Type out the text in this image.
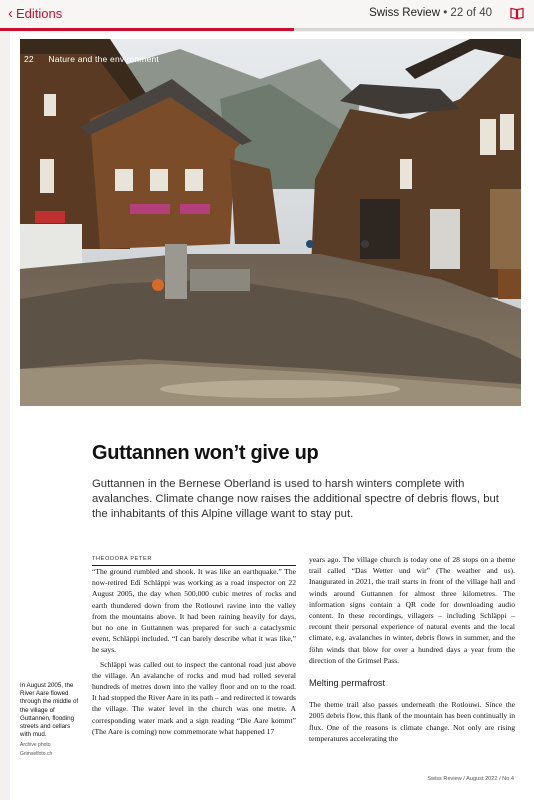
‹ Editions	Swiss Review • 22 of 40
22 Nature and the environment
Guttannen won’t give up
Guttannen in the Bernese Oberland is used to harsh winters complete with avalanches. Climate change now raises the additional spectre of debris flows, but the inhabitants of this Alpine village want to stay put.
In August 2005, the River Aare flowed through the middle of the village of Guttannen, flooding streets and cellars with mud.
Archive photo Grimselfoto.ch
THEODORA PETER

“The ground rumbled and shook. It was like an earthquake.” The now-retired Edi Schläppi was working as a road inspector on 22 August 2005, the day when 500,000 cubic metres of rocks and earth thundered down from the Rotlouwi ravine into the valley from the mountains above. It had been raining heavily for days, but no one in Guttannen was prepared for such a cataclysmic event, Schläppi included. “I can barely describe what it was like,” he says.

Schläppi was called out to inspect the cantonal road just above the village. An avalanche of rocks and mud had rolled several hundreds of metres down into the valley floor and on to the road. It had stopped the River Aare in its path – and redirected it towards the village. The water level in the church was one metre. A corresponding water mark and a sign reading “Die Aare kommt” (The Aare is coming) now commemorate what happened 17

years ago. The village church is today one of 28 stops on a theme trail called “Das Wetter und wir” (The weather and us). Inaugurated in 2021, the trail starts in front of the village hall and winds around Guttannen for almost three kilometres. The information signs contain a QR code for downloading audio content. In these recordings, villagers – including Schläppi – recount their personal experience of natural events and the local climate, e.g. avalanches in winter, debris flows in summer, and the föhn winds that blow for over a hundred days a year from the direction of the Grimsel Pass.

Melting permafrost

The theme trail also passes underneath the Rotlouwi. Since the 2005 debris flow, this flank of the mountain has been continually in flux. One of the reasons is climate change. Not only are rising temperatures accelerating the

Swiss Review / August 2022 / No.4
